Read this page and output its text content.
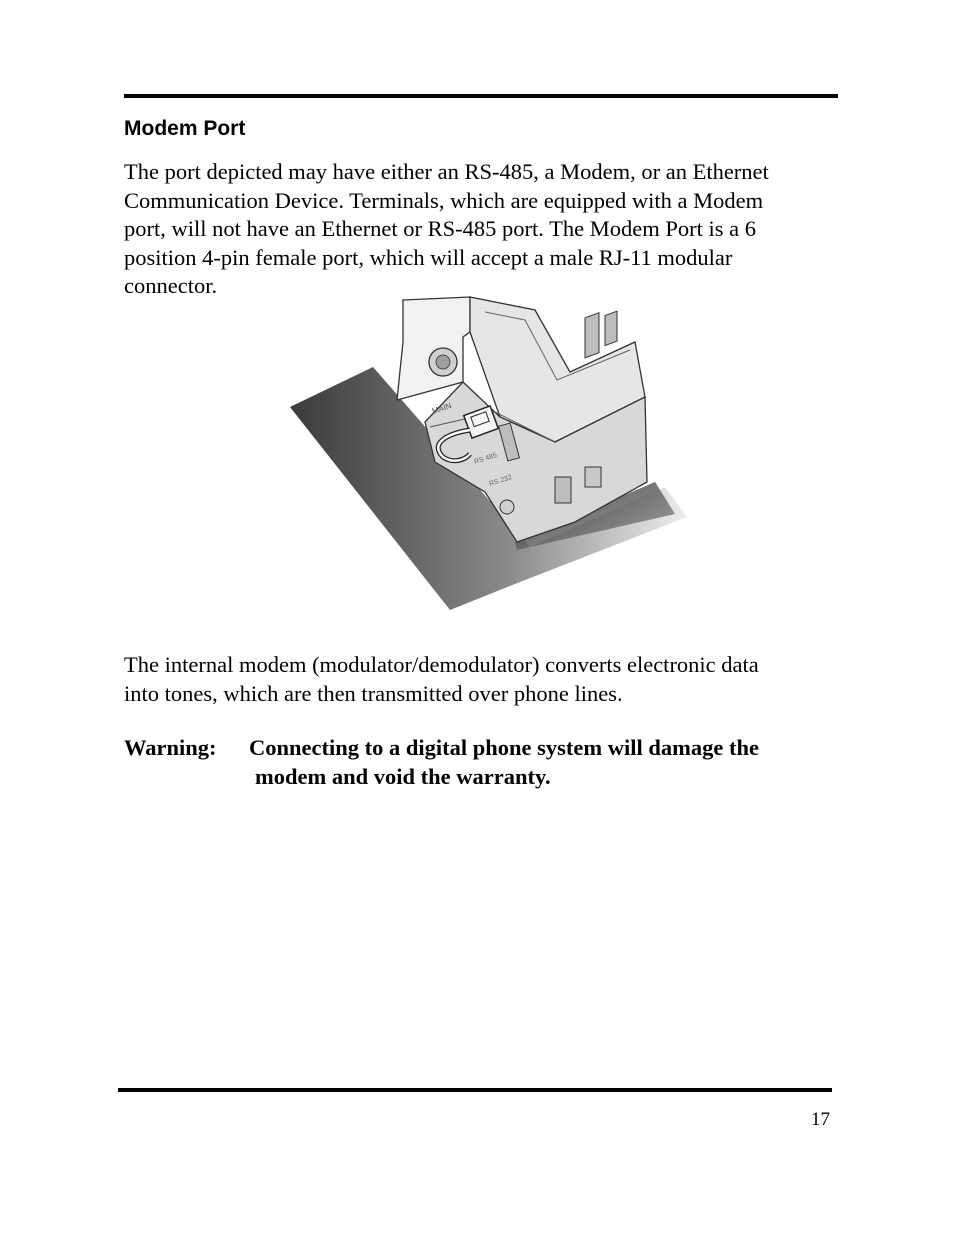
Modem Port
The port depicted may have either an RS-485, a Modem, or an Ethernet
Communication Device. Terminals, which are equipped with a Modem
port, will not have an Ethernet or RS-485 port. The Modem Port is a 6
position 4-pin female port, which will accept a male RJ-11 modular
connector.
MAIN
RS 485
RS 232
The internal modem (modulator/demodulator) converts electronic data
into tones, which are then transmitted over phone lines.
Warning: Connecting to a digital phone system will damage the
modem and void the warranty.
17
